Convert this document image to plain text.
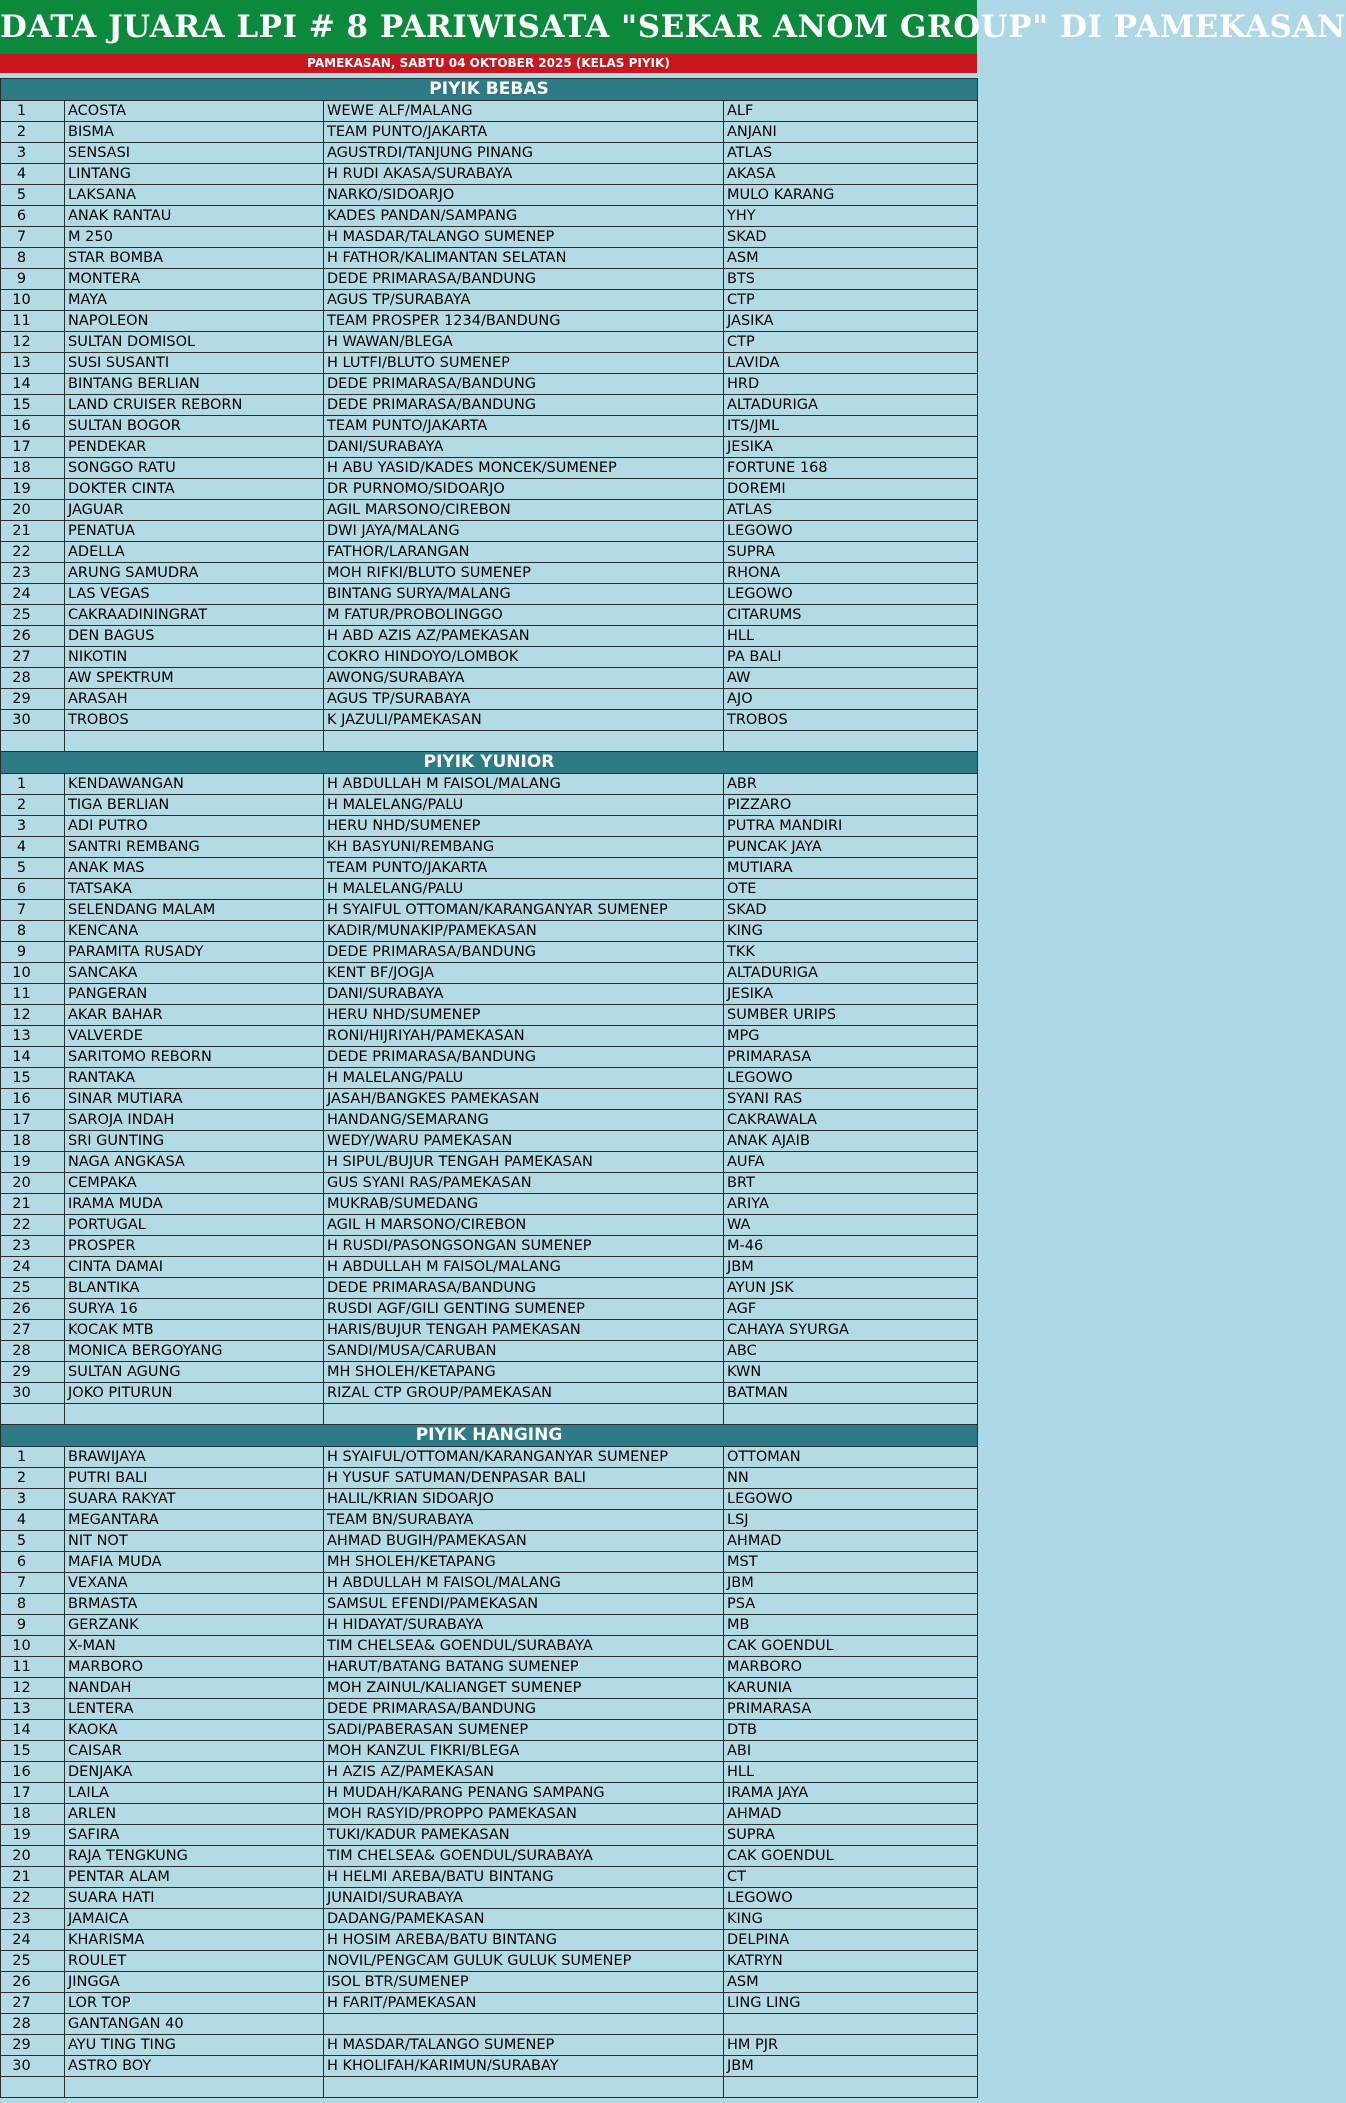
DATA JUARA LPI # 8 PARIWISATA "SEKAR ANOM GROUP" DI PAMEKASAN
PAMEKASAN, SABTU 04 OKTOBER 2025 (KELAS PIYIK)
PIYIK BEBAS			
1	ACOSTA	WEWE ALF/MALANG	ALF
2	BISMA	TEAM PUNTO/JAKARTA	ANJANI
3	SENSASI	AGUSTRDI/TANJUNG PINANG	ATLAS
4	LINTANG	H RUDI AKASA/SURABAYA	AKASA
5	LAKSANA	NARKO/SIDOARJO	MULO KARANG
6	ANAK RANTAU	KADES PANDAN/SAMPANG	YHY
7	M 250	H MASDAR/TALANGO SUMENEP	SKAD
8	STAR BOMBA	H FATHOR/KALIMANTAN SELATAN	ASM
9	MONTERA	DEDE PRIMARASA/BANDUNG	BTS
10	MAYA	AGUS TP/SURABAYA	CTP
11	NAPOLEON	TEAM PROSPER 1234/BANDUNG	JASIKA
12	SULTAN DOMISOL	H WAWAN/BLEGA	CTP
13	SUSI SUSANTI	H LUTFI/BLUTO SUMENEP	LAVIDA
14	BINTANG BERLIAN	DEDE PRIMARASA/BANDUNG	HRD
15	LAND CRUISER REBORN	DEDE PRIMARASA/BANDUNG	ALTADURIGA
16	SULTAN BOGOR	TEAM PUNTO/JAKARTA	ITS/JML
17	PENDEKAR	DANI/SURABAYA	JESIKA
18	SONGGO RATU	H ABU YASID/KADES MONCEK/SUMENEP	FORTUNE 168
19	DOKTER CINTA	DR PURNOMO/SIDOARJO	DOREMI
20	JAGUAR	AGIL MARSONO/CIREBON	ATLAS
21	PENATUA	DWI JAYA/MALANG	LEGOWO
22	ADELLA	FATHOR/LARANGAN	SUPRA
23	ARUNG SAMUDRA	MOH RIFKI/BLUTO SUMENEP	RHONA
24	LAS VEGAS	BINTANG SURYA/MALANG	LEGOWO
25	CAKRAADININGRAT	M FATUR/PROBOLINGGO	CITARUMS
26	DEN BAGUS	H ABD AZIS AZ/PAMEKASAN	HLL
27	NIKOTIN	COKRO HINDOYO/LOMBOK	PA BALI
28	AW SPEKTRUM	AWONG/SURABAYA	AW
29	ARASAH	AGUS TP/SURABAYA	AJO
30	TROBOS	K JAZULI/PAMEKASAN	TROBOS

PIYIK YUNIOR			
1	KENDAWANGAN	H ABDULLAH M FAISOL/MALANG	ABR
2	TIGA BERLIAN	H MALELANG/PALU	PIZZARO
3	ADI PUTRO	HERU NHD/SUMENEP	PUTRA MANDIRI
4	SANTRI REMBANG	KH BASYUNI/REMBANG	PUNCAK JAYA
5	ANAK MAS	TEAM PUNTO/JAKARTA	MUTIARA
6	TATSAKA	H MALELANG/PALU	OTE
7	SELENDANG MALAM	H SYAIFUL OTTOMAN/KARANGANYAR SUMENEP	SKAD
8	KENCANA	KADIR/MUNAKIP/PAMEKASAN	KING
9	PARAMITA RUSADY	DEDE PRIMARASA/BANDUNG	TKK
10	SANCAKA	KENT BF/JOGJA	ALTADURIGA
11	PANGERAN	DANI/SURABAYA	JESIKA
12	AKAR BAHAR	HERU NHD/SUMENEP	SUMBER URIPS
13	VALVERDE	RONI/HIJRIYAH/PAMEKASAN	MPG
14	SARITOMO REBORN	DEDE PRIMARASA/BANDUNG	PRIMARASA
15	RANTAKA	H MALELANG/PALU	LEGOWO
16	SINAR MUTIARA	JASAH/BANGKES PAMEKASAN	SYANI RAS
17	SAROJA INDAH	HANDANG/SEMARANG	CAKRAWALA
18	SRI GUNTING	WEDY/WARU PAMEKASAN	ANAK AJAIB
19	NAGA ANGKASA	H SIPUL/BUJUR TENGAH PAMEKASAN	AUFA
20	CEMPAKA	GUS SYANI RAS/PAMEKASAN	BRT
21	IRAMA MUDA	MUKRAB/SUMEDANG	ARIYA
22	PORTUGAL	AGIL H MARSONO/CIREBON	WA
23	PROSPER	H RUSDI/PASONGSONGAN SUMENEP	M-46
24	CINTA DAMAI	H ABDULLAH M FAISOL/MALANG	JBM
25	BLANTIKA	DEDE PRIMARASA/BANDUNG	AYUN JSK
26	SURYA 16	RUSDI AGF/GILI GENTING SUMENEP	AGF
27	KOCAK MTB	HARIS/BUJUR TENGAH PAMEKASAN	CAHAYA SYURGA
28	MONICA BERGOYANG	SANDI/MUSA/CARUBAN	ABC
29	SULTAN AGUNG	MH SHOLEH/KETAPANG	KWN
30	JOKO PITURUN	RIZAL CTP GROUP/PAMEKASAN	BATMAN

PIYIK HANGING			
1	BRAWIJAYA	H SYAIFUL/OTTOMAN/KARANGANYAR SUMENEP	OTTOMAN
2	PUTRI BALI	H YUSUF SATUMAN/DENPASAR BALI	NN
3	SUARA RAKYAT	HALIL/KRIAN SIDOARJO	LEGOWO
4	MEGANTARA	TEAM BN/SURABAYA	LSJ
5	NIT NOT	AHMAD BUGIH/PAMEKASAN	AHMAD
6	MAFIA MUDA	MH SHOLEH/KETAPANG	MST
7	VEXANA	H ABDULLAH M FAISOL/MALANG	JBM
8	BRMASTA	SAMSUL EFENDI/PAMEKASAN	PSA
9	GERZANK	H HIDAYAT/SURABAYA	MB
10	X-MAN	TIM CHELSEA& GOENDUL/SURABAYA	CAK GOENDUL
11	MARBORO	HARUT/BATANG BATANG SUMENEP	MARBORO
12	NANDAH	MOH ZAINUL/KALIANGET SUMENEP	KARUNIA
13	LENTERA	DEDE PRIMARASA/BANDUNG	PRIMARASA
14	KAOKA	SADI/PABERASAN SUMENEP	DTB
15	CAISAR	MOH KANZUL FIKRI/BLEGA	ABI
16	DENJAKA	H AZIS AZ/PAMEKASAN	HLL
17	LAILA	H MUDAH/KARANG PENANG SAMPANG	IRAMA JAYA
18	ARLEN	MOH RASYID/PROPPO PAMEKASAN	AHMAD
19	SAFIRA	TUKI/KADUR PAMEKASAN	SUPRA
20	RAJA TENGKUNG	TIM CHELSEA& GOENDUL/SURABAYA	CAK GOENDUL
21	PENTAR ALAM	H HELMI AREBA/BATU BINTANG	CT
22	SUARA HATI	JUNAIDI/SURABAYA	LEGOWO
23	JAMAICA	DADANG/PAMEKASAN	KING
24	KHARISMA	H HOSIM AREBA/BATU BINTANG	DELPINA
25	ROULET	NOVIL/PENGCAM GULUK GULUK SUMENEP	KATRYN
26	JINGGA	ISOL BTR/SUMENEP	ASM
27	LOR TOP	H FARIT/PAMEKASAN	LING LING
28	GANTANGAN 40		
29	AYU TING TING	H MASDAR/TALANGO SUMENEP	HM PJR
30	ASTRO BOY	H KHOLIFAH/KARIMUN/SURABAY	JBM
